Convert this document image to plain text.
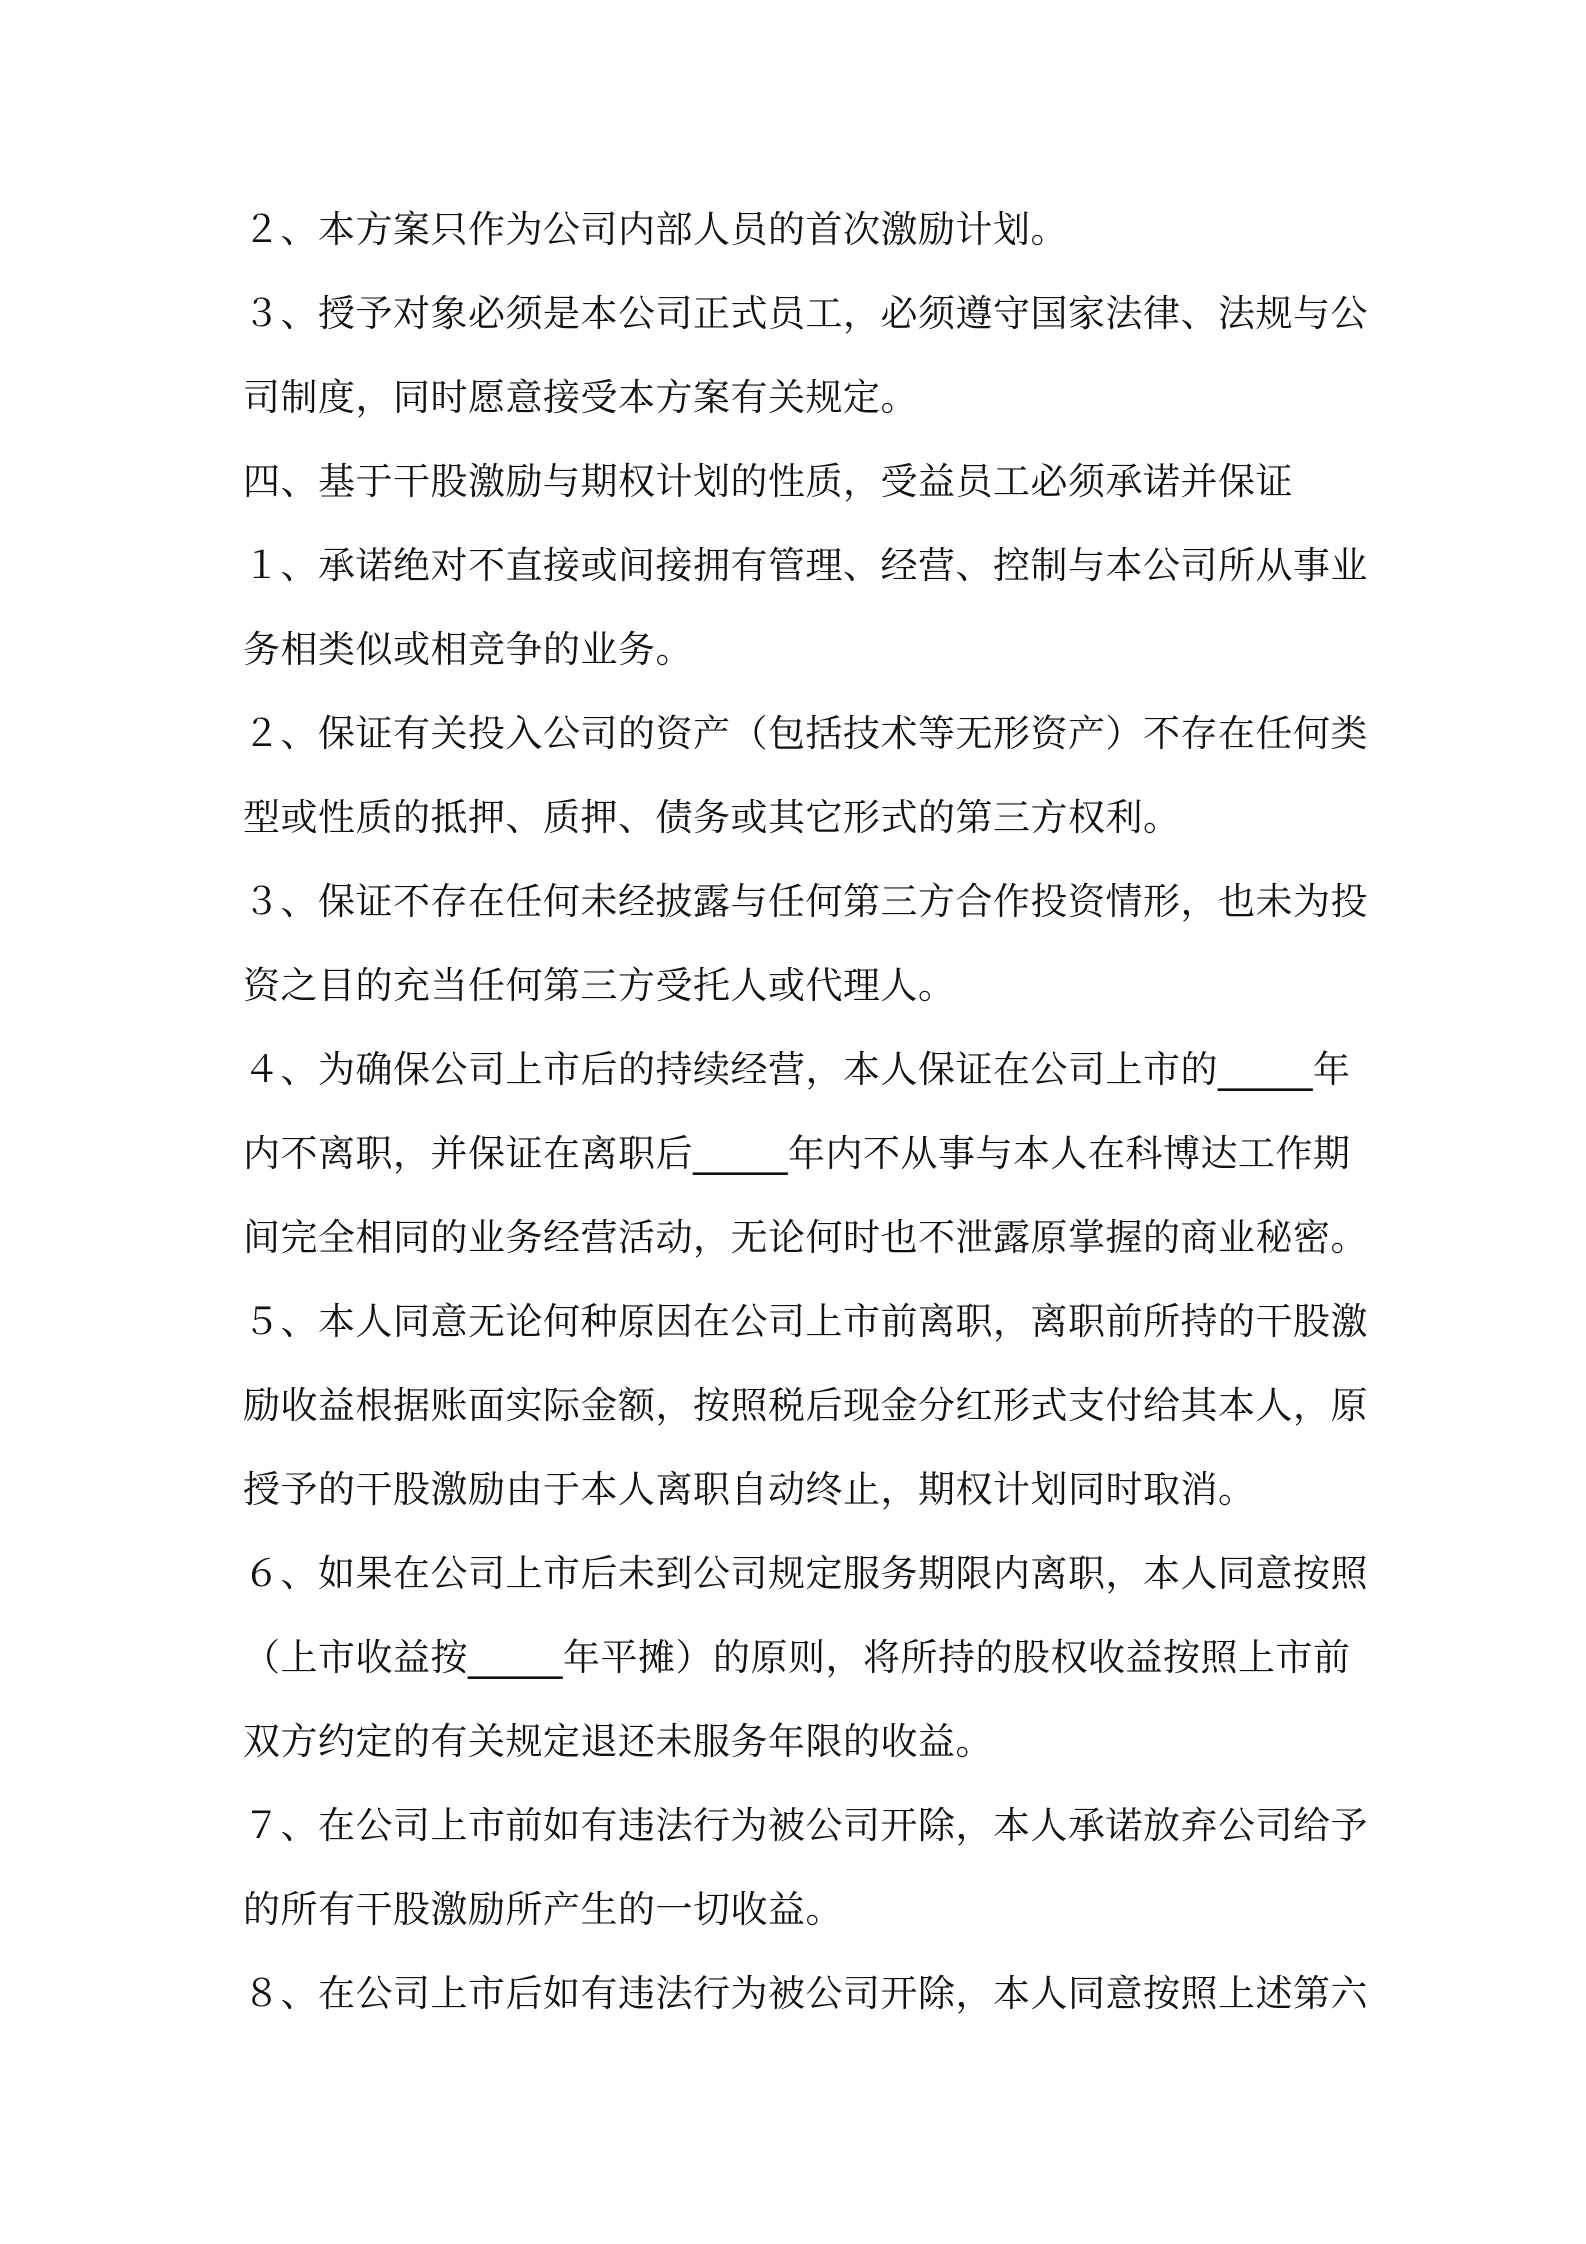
２、本方案只作为公司内部人员的首次激励计划。

３、授予对象必须是本公司正式员工，必须遵守国家法律、法规与公

司制度，同时愿意接受本方案有关规定。

四、基于干股激励与期权计划的性质，受益员工必须承诺并保证

１、承诺绝对不直接或间接拥有管理、经营、控制与本公司所从事业

务相类似或相竞争的业务。

２、保证有关投入公司的资产（包括技术等无形资产）不存在任何类

型或性质的抵押、质押、债务或其它形式的第三方权利。

３、保证不存在任何未经披露与任何第三方合作投资情形，也未为投

资之目的充当任何第三方受托人或代理人。

４、为确保公司上市后的持续经营，本人保证在公司上市的_____年

内不离职，并保证在离职后_____年内不从事与本人在科博达工作期

间完全相同的业务经营活动，无论何时也不泄露原掌握的商业秘密。

５、本人同意无论何种原因在公司上市前离职，离职前所持的干股激

励收益根据账面实际金额，按照税后现金分红形式支付给其本人，原

授予的干股激励由于本人离职自动终止，期权计划同时取消。

６、如果在公司上市后未到公司规定服务期限内离职，本人同意按照

（上市收益按_____年平摊）的原则，将所持的股权收益按照上市前

双方约定的有关规定退还未服务年限的收益。

７、在公司上市前如有违法行为被公司开除，本人承诺放弃公司给予

的所有干股激励所产生的一切收益。

８、在公司上市后如有违法行为被公司开除，本人同意按照上述第六
